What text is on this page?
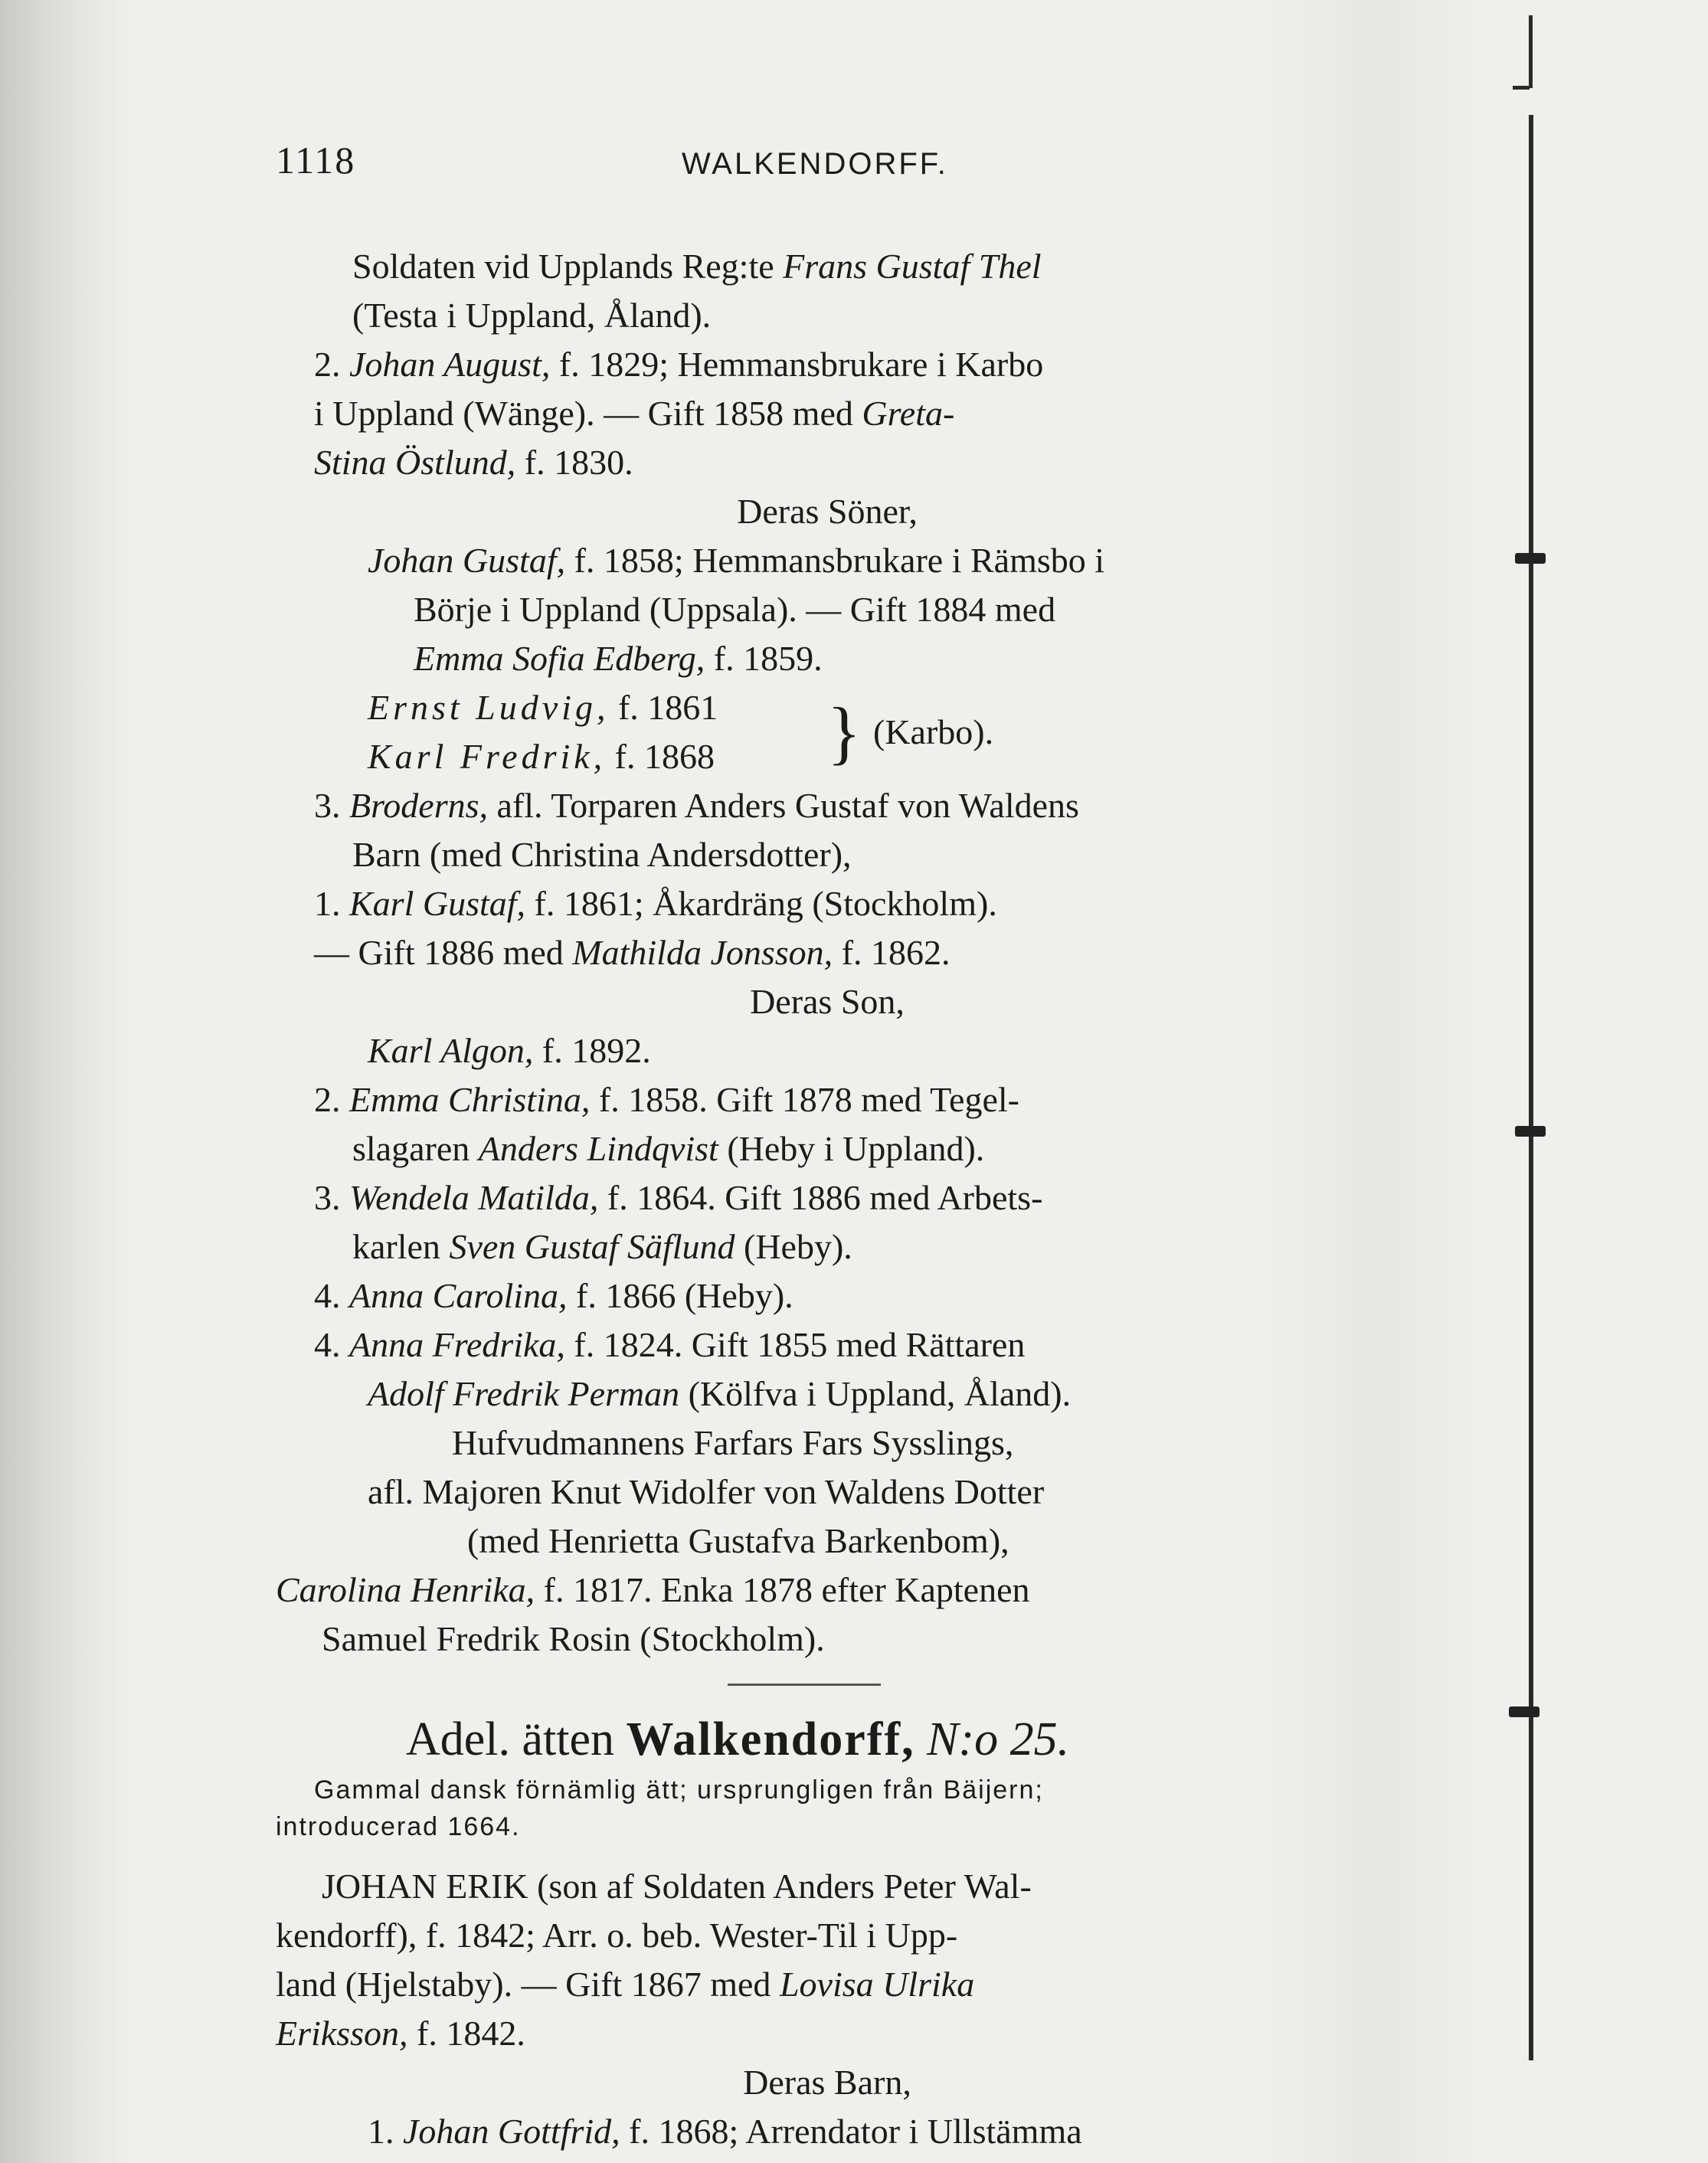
1118	WALKENDORFF.
Soldaten vid Upplands Reg:te Frans Gustaf Thel
(Testa i Uppland, Åland).
2. Johan August, f. 1829; Hemmansbrukare i Karbo
i Uppland (Wänge). — Gift 1858 med Greta-
Stina Östlund, f. 1830.
Deras Söner,
Johan Gustaf, f. 1858; Hemmansbrukare i Rämsbo i
Börje i Uppland (Uppsala). — Gift 1884 med
Emma Sofia Edberg, f. 1859.
Ernst Ludvig, f. 1861
Karl Fredrik, f. 1868 } (Karbo).
3. Broderns, afl. Torparen Anders Gustaf von Waldens
Barn (med Christina Andersdotter),
1. Karl Gustaf, f. 1861; Åkardräng (Stockholm).
— Gift 1886 med Mathilda Jonsson, f. 1862.
Deras Son,
Karl Algon, f. 1892.
2. Emma Christina, f. 1858. Gift 1878 med Tegel-
slagaren Anders Lindqvist (Heby i Uppland).
3. Wendela Matilda, f. 1864. Gift 1886 med Arbets-
karlen Sven Gustaf Säflund (Heby).
4. Anna Carolina, f. 1866 (Heby).
4. Anna Fredrika, f. 1824. Gift 1855 med Rättaren
Adolf Fredrik Perman (Kölfva i Uppland, Åland).
Hufvudmannens Farfars Fars Sysslings,
afl. Majoren Knut Widolfer von Waldens Dotter
(med Henrietta Gustafva Barkenbom),
Carolina Henrika, f. 1817. Enka 1878 efter Kaptenen
Samuel Fredrik Rosin (Stockholm).
Adel. ätten Walkendorff, N:o 25.
Gammal dansk förnämlig ätt; ursprungligen från Bäijern;
introducerad 1664.
JOHAN ERIK (son af Soldaten Anders Peter Wal-
kendorff), f. 1842; Arr. o. beb. Wester-Til i Upp-
land (Hjelstaby). — Gift 1867 med Lovisa Ulrika
Eriksson, f. 1842.
Deras Barn,
1. Johan Gottfrid, f. 1868; Arrendator i Ullstämma
